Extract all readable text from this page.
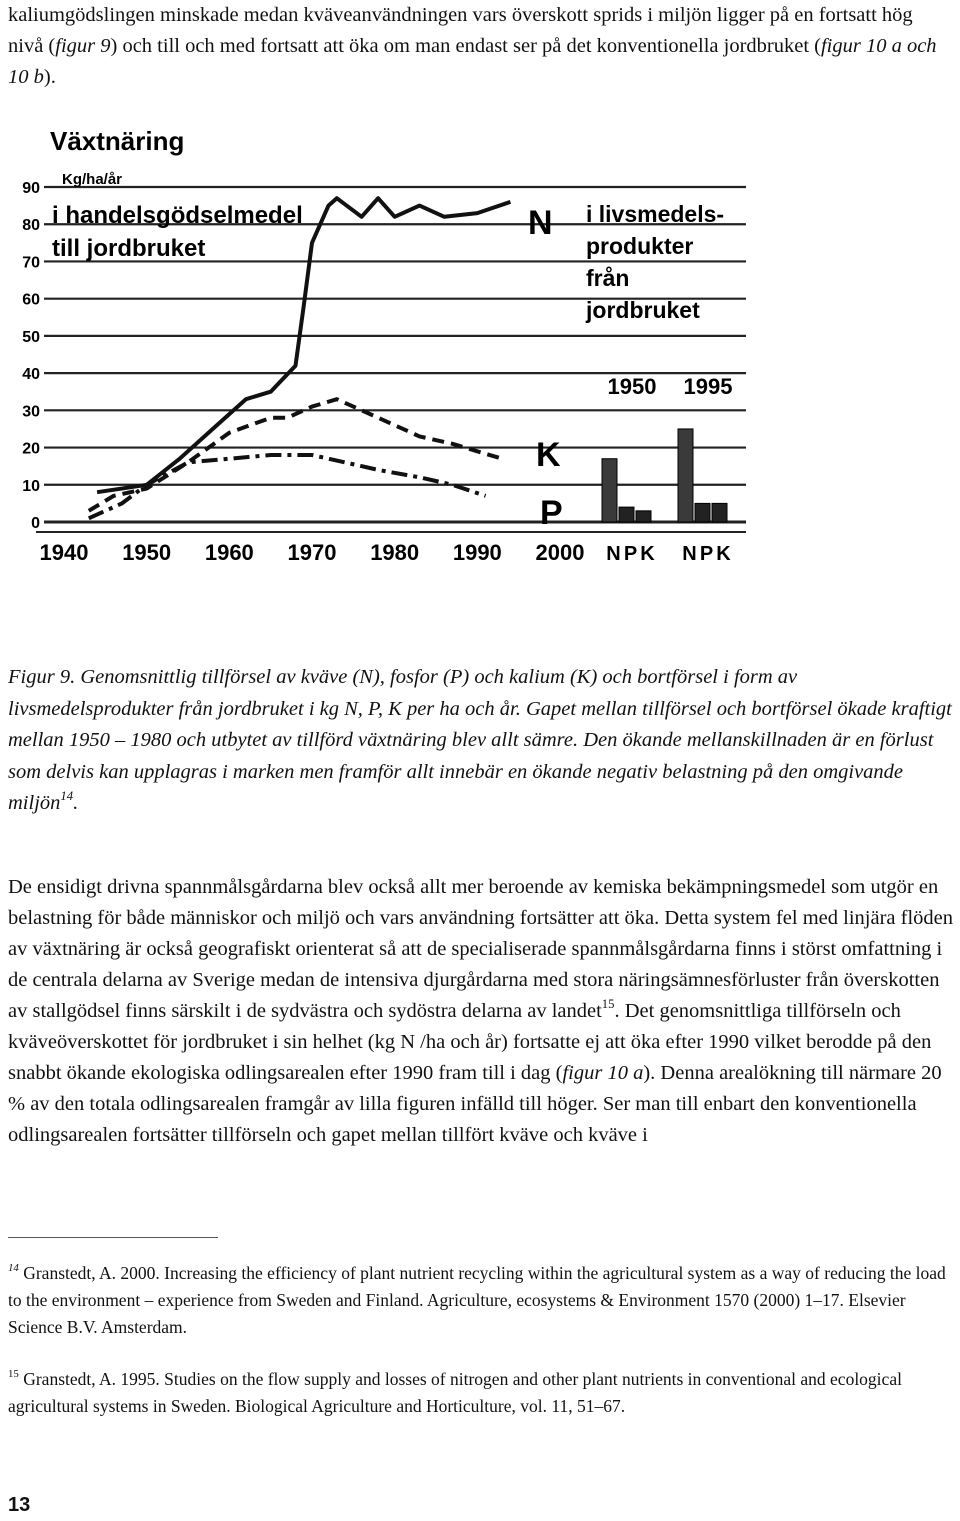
kaliumgödslingen minskade medan kväveanvändningen vars överskott sprids i miljön ligger på en fortsatt hög nivå (figur 9) och till och med fortsatt att öka om man endast ser på det konventionella jordbruket (figur 10 a och 10 b).

0
10
20
30
40
50
60
70
80
90
1940 1950 1960 1970 1980 1990 2000
1950
N P K
1995
N P K
Växtnäring
Kg/ha/år
i handelsgödselmedel
till jordbruket
i livsmedels-
produkter
från
jordbruket
N
K
P

Figur 9. Genomsnittlig tillförsel av kväve (N), fosfor (P) och kalium (K) och bortförsel i form av livsmedelsprodukter från jordbruket i kg N, P, K per ha och år. Gapet mellan tillförsel och bortförsel ökade kraftigt mellan 1950 – 1980 och utbytet av tillförd växtnäring blev allt sämre. Den ökande mellanskillnaden är en förlust som delvis kan upplagras i marken men framför allt innebär en ökande negativ belastning på den omgivande miljön$^{14}$.

De ensidigt drivna spannmålsgårdarna blev också allt mer beroende av kemiska bekämpningsmedel som utgör en belastning för både människor och miljö och vars användning fortsätter att öka. Detta system fel med linjära flöden av växtnäring är också geografiskt orienterat så att de specialiserade spannmålsgårdarna finns i störst omfattning i de centrala delarna av Sverige medan de intensiva djurgårdarna med stora näringsämnesförluster från överskotten av stallgödsel finns särskilt i de sydvästra och sydöstra delarna av landet$^{15}$. Det genomsnittliga tillförseln och kväveöverskottet för jordbruket i sin helhet (kg N /ha och år) fortsatte ej att öka efter 1990 vilket berodde på den snabbt ökande ekologiska odlingsarealen efter 1990 fram till i dag (figur 10 a). Denna arealökning till närmare 20 % av den totala odlingsarealen framgår av lilla figuren infälld till höger. Ser man till enbart den konventionella odlingsarealen fortsätter tillförseln och gapet mellan tillfört kväve och kväve i

$^{14}$ Granstedt, A. 2000. Increasing the efficiency of plant nutrient recycling within the agricultural system as a way of reducing the load to the environment – experience from Sweden and Finland. Agriculture, ecosystems & Environment 1570 (2000) 1–17. Elsevier Science B.V. Amsterdam.

$^{15}$ Granstedt, A. 1995. Studies on the flow supply and losses of nitrogen and other plant nutrients in conventional and ecological agricultural systems in Sweden. Biological Agriculture and Horticulture, vol. 11, 51–67.

13
